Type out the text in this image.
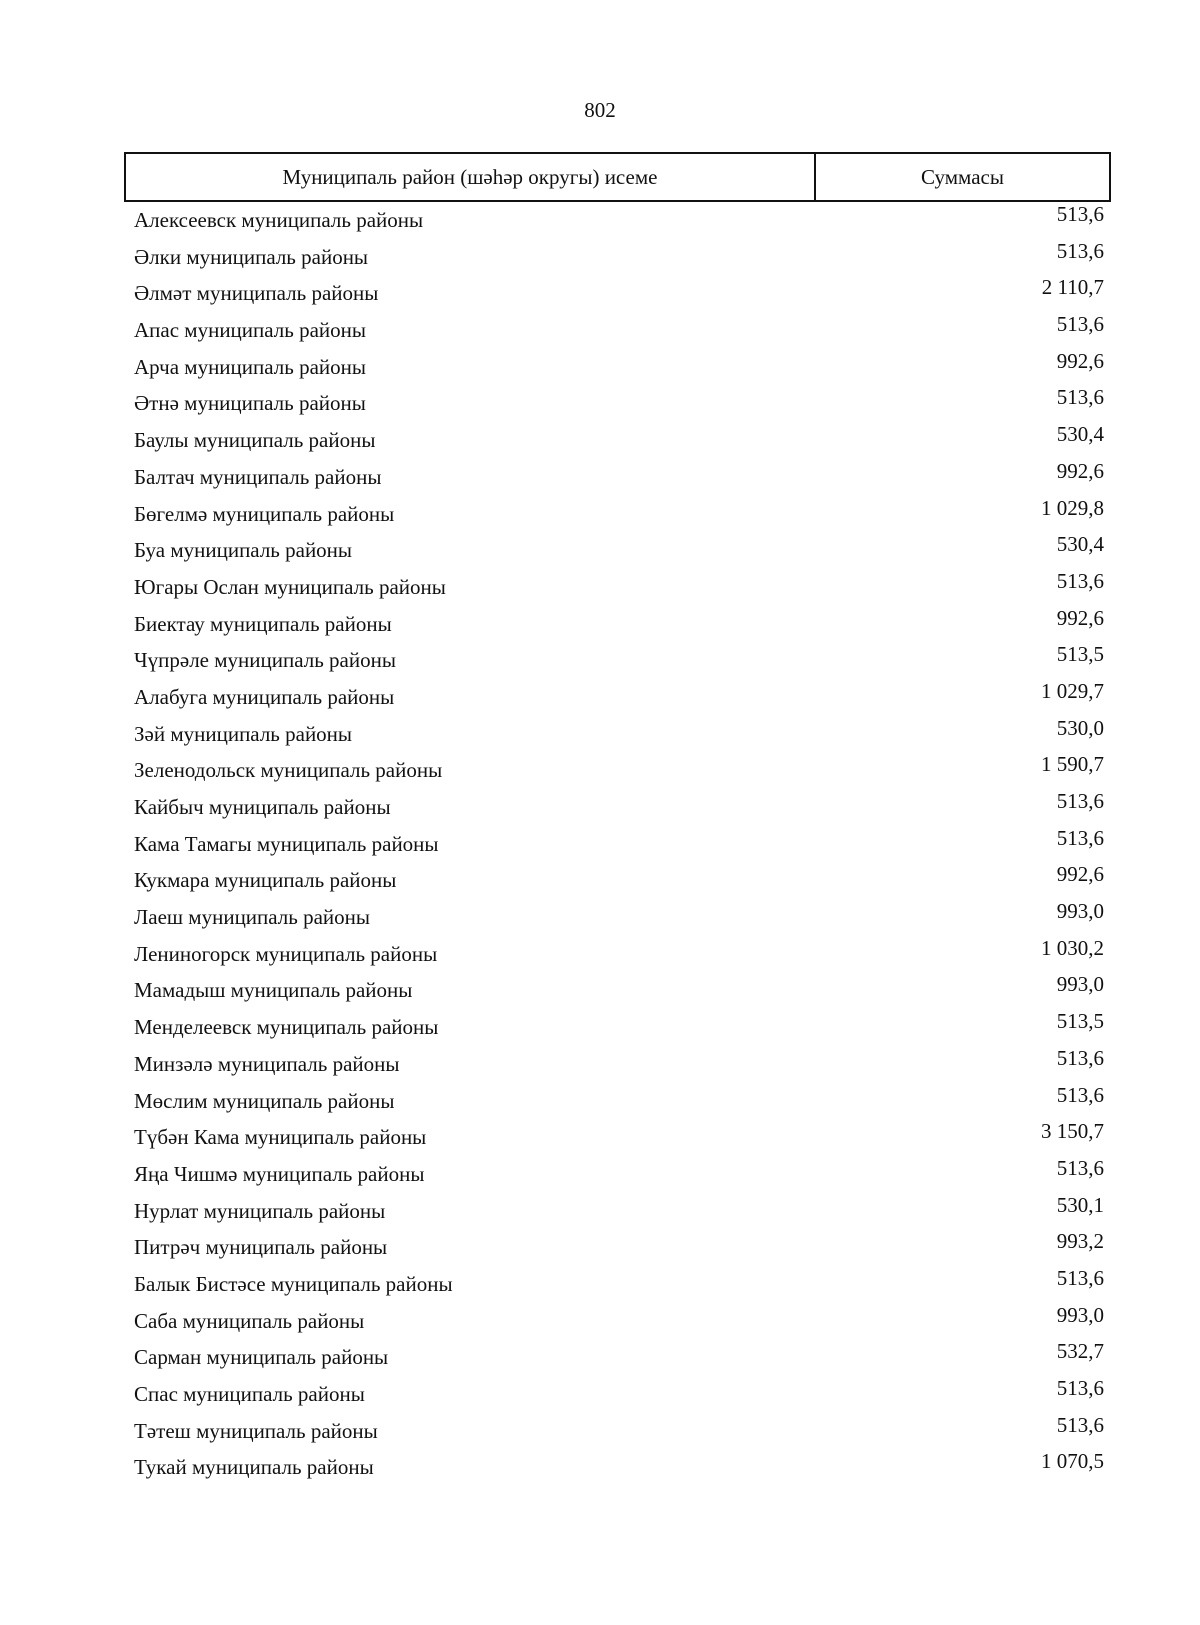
802
Муниципаль район (шәһәр округы) исеме	Суммасы
Алексеевск муниципаль районы	513,6
Әлки муниципаль районы	513,6
Әлмәт муниципаль районы	2 110,7
Апас муниципаль районы	513,6
Арча муниципаль районы	992,6
Әтнә муниципаль районы	513,6
Баулы муниципаль районы	530,4
Балтач муниципаль районы	992,6
Бөгелмә муниципаль районы	1 029,8
Буа муниципаль районы	530,4
Югары Ослан муниципаль районы	513,6
Биектау муниципаль районы	992,6
Чүпрәле муниципаль районы	513,5
Алабуга муниципаль районы	1 029,7
Зәй муниципаль районы	530,0
Зеленодольск муниципаль районы	1 590,7
Кайбыч муниципаль районы	513,6
Кама Тамагы муниципаль районы	513,6
Кукмара муниципаль районы	992,6
Лаеш муниципаль районы	993,0
Лениногорск муниципаль районы	1 030,2
Мамадыш муниципаль районы	993,0
Менделеевск муниципаль районы	513,5
Минзәлә муниципаль районы	513,6
Мөслим муниципаль районы	513,6
Түбән Кама муниципаль районы	3 150,7
Яңа Чишмә муниципаль районы	513,6
Нурлат муниципаль районы	530,1
Питрәч муниципаль районы	993,2
Балык Бистәсе муниципаль районы	513,6
Саба муниципаль районы	993,0
Сарман муниципаль районы	532,7
Спас муниципаль районы	513,6
Тәтеш муниципаль районы	513,6
Тукай муниципаль районы	1 070,5
